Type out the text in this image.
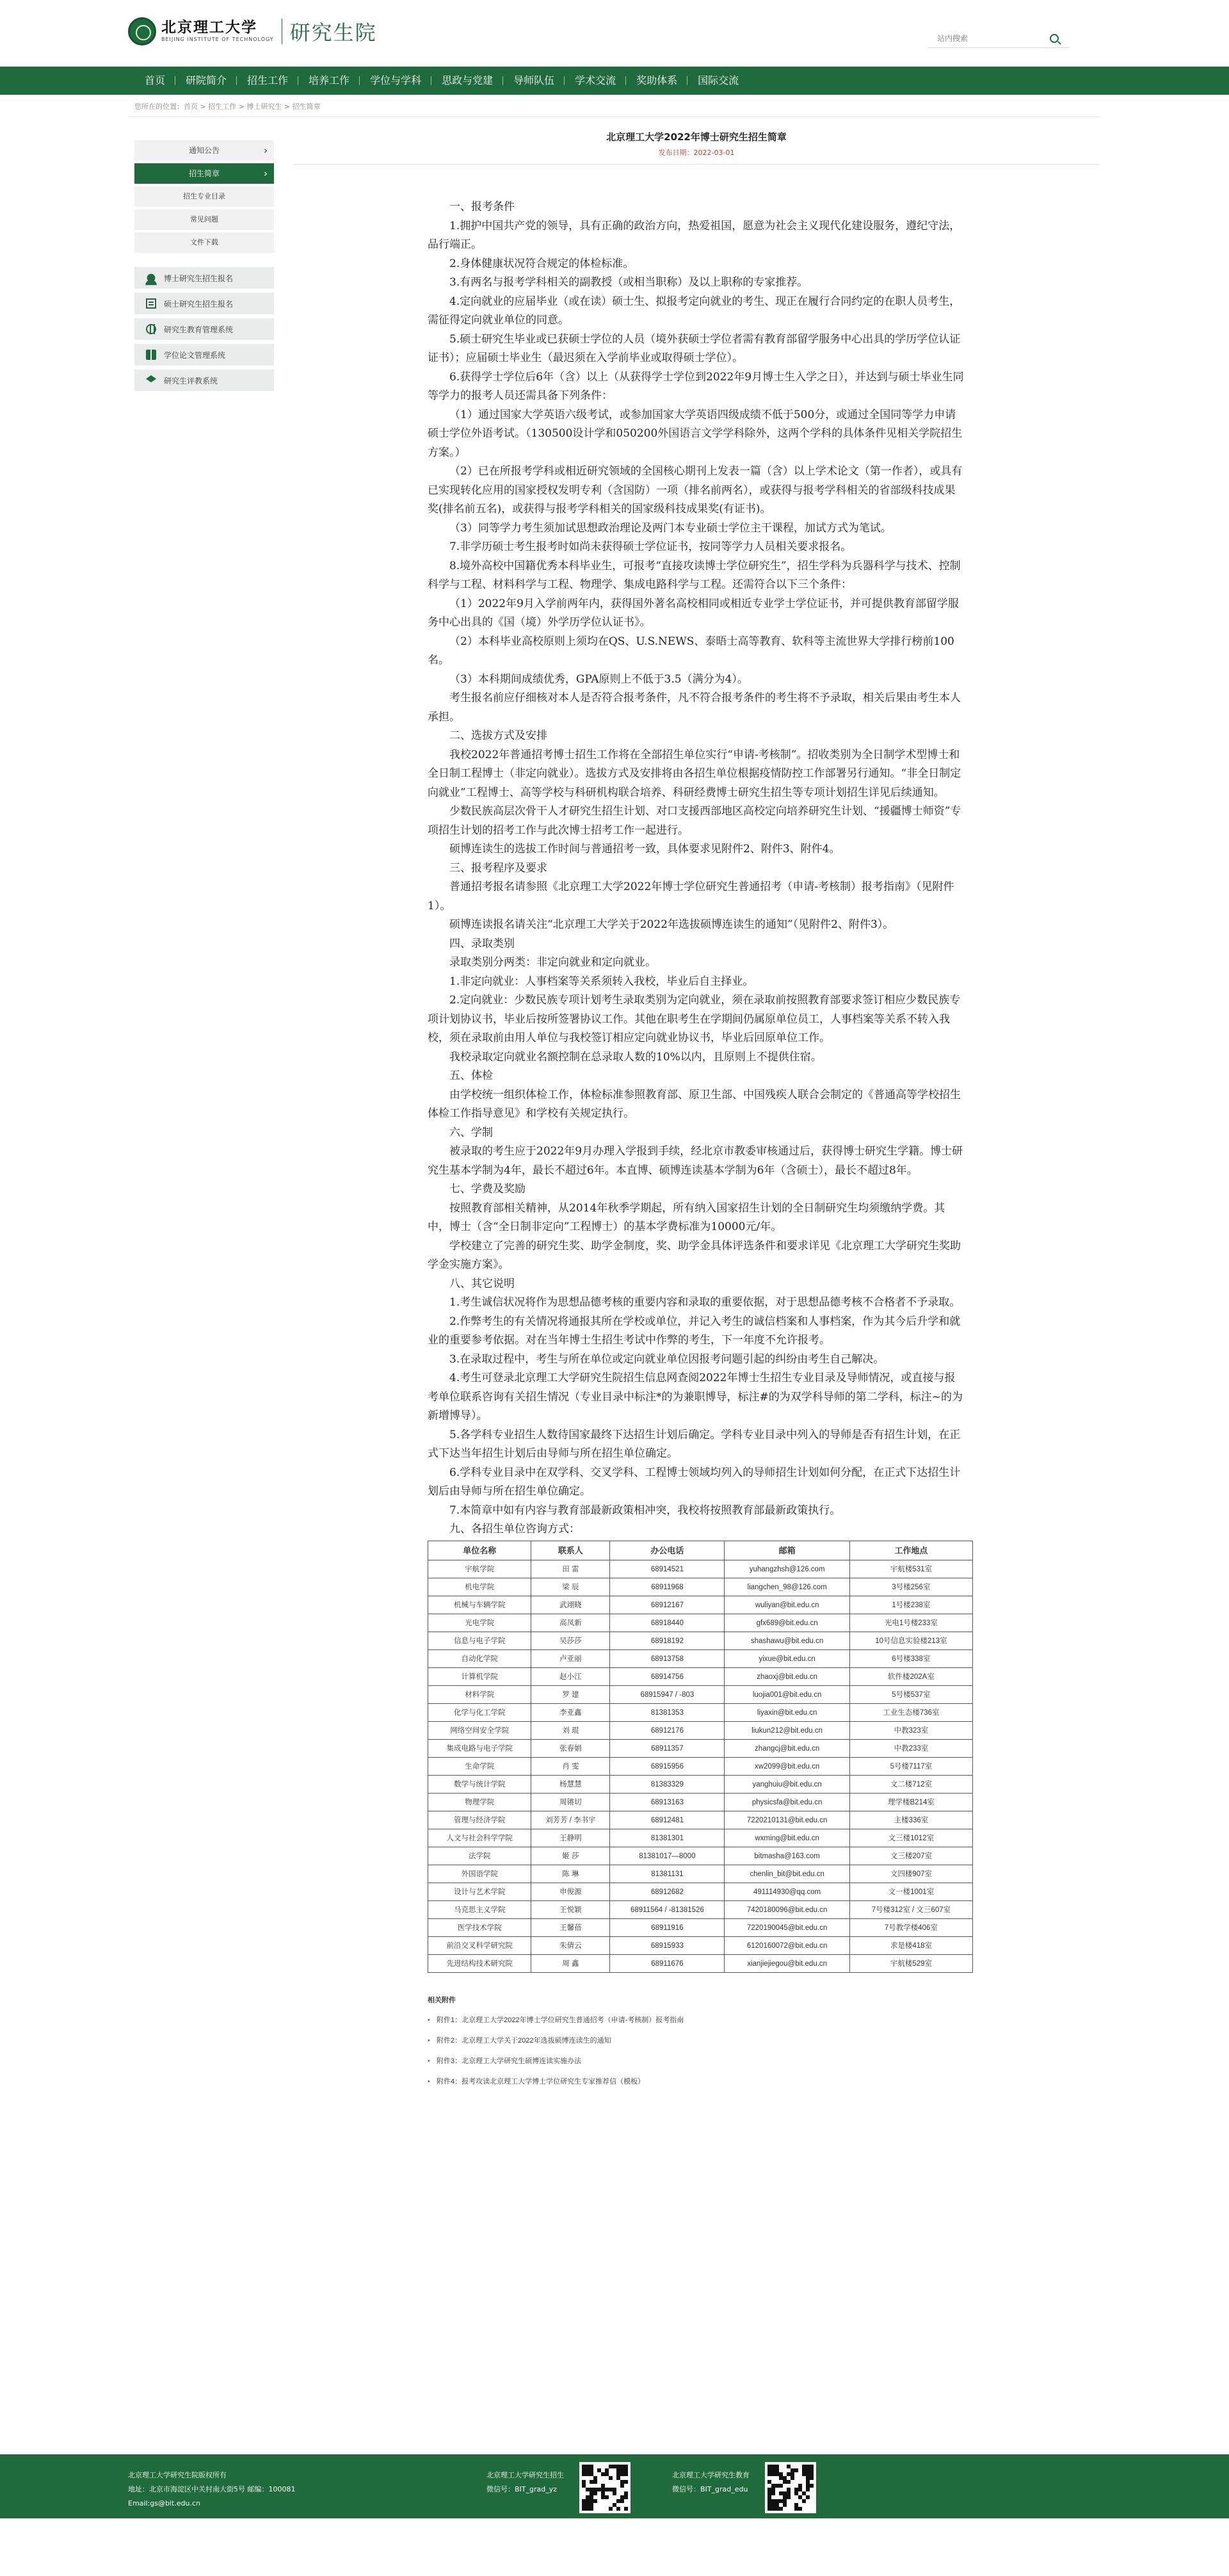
北京理工大学
BEIJING INSTITUTE OF TECHNOLOGY 研究生院
站内搜索
首页	研院简介	招生工作	培养工作	学位与学科	思政与党建	导师队伍	学术交流	奖助体系	国际交流
您所在的位置：首页 > 招生工作 > 博士研究生 > 招生简章
通知公告	›
招生简章	›
招生专业目录
常见问题
文件下载
博士研究生招生报名
硕士研究生招生报名
研究生教育管理系统
学位论文管理系统
研究生评教系统
北京理工大学2022年博士研究生招生简章
发布日期：2022-03-01

一、报考条件

1.拥护中国共产党的领导，具有正确的政治方向，热爱祖国，愿意为社会主义现代化建设服务，遵纪守法，品行端正。

2.身体健康状况符合规定的体检标准。

3.有两名与报考学科相关的副教授（或相当职称）及以上职称的专家推荐。

4.定向就业的应届毕业（或在读）硕士生、拟报考定向就业的考生、现正在履行合同约定的在职人员考生，需征得定向就业单位的同意。

5.硕士研究生毕业或已获硕士学位的人员（境外获硕士学位者需有教育部留学服务中心出具的学历学位认证证书）；应届硕士毕业生（最迟须在入学前毕业或取得硕士学位）。

6.获得学士学位后6年（含）以上（从获得学士学位到2022年9月博士生入学之日），并达到与硕士毕业生同等学力的报考人员还需具备下列条件：

（1）通过国家大学英语六级考试，或参加国家大学英语四级成绩不低于500分，或通过全国同等学力申请硕士学位外语考试。（130500设计学和050200外国语言文学学科除外，这两个学科的具体条件见相关学院招生方案。）

（2）已在所报考学科或相近研究领域的全国核心期刊上发表一篇（含）以上学术论文（第一作者），或具有已实现转化应用的国家授权发明专利（含国防）一项（排名前两名），或获得与报考学科相关的省部级科技成果奖(排名前五名)，或获得与报考学科相关的国家级科技成果奖(有证书)。

（3）同等学力考生须加试思想政治理论及两门本专业硕士学位主干课程，加试方式为笔试。

7.非学历硕士考生报考时如尚未获得硕士学位证书，按同等学力人员相关要求报名。

8.境外高校中国籍优秀本科毕业生，可报考“直接攻读博士学位研究生”，招生学科为兵器科学与技术、控制科学与工程、材料科学与工程、物理学、集成电路科学与工程。还需符合以下三个条件：

（1）2022年9月入学前两年内，获得国外著名高校相同或相近专业学士学位证书，并可提供教育部留学服务中心出具的《国（境）外学历学位认证书》。

（2）本科毕业高校原则上须均在QS、U.S.NEWS、泰晤士高等教育、软科等主流世界大学排行榜前100名。

（3）本科期间成绩优秀，GPA原则上不低于3.5（满分为4）。

考生报名前应仔细核对本人是否符合报考条件，凡不符合报考条件的考生将不予录取，相关后果由考生本人承担。

二、选拔方式及安排

我校2022年普通招考博士招生工作将在全部招生单位实行“申请-考核制”。招收类别为全日制学术型博士和全日制工程博士（非定向就业）。选拔方式及安排将由各招生单位根据疫情防控工作部署另行通知。“非全日制定向就业”工程博士、高等学校与科研机构联合培养、科研经费博士研究生招生等专项计划招生详见后续通知。

少数民族高层次骨干人才研究生招生计划、对口支援西部地区高校定向培养研究生计划、“援疆博士师资”专项招生计划的招考工作与此次博士招考工作一起进行。

硕博连读生的选拔工作时间与普通招考一致，具体要求见附件2、附件3、附件4。

三、报考程序及要求

普通招考报名请参照《北京理工大学2022年博士学位研究生普通招考（申请-考核制）报考指南》（见附件1）。

硕博连读报名请关注“北京理工大学关于2022年选拔硕博连读生的通知”（见附件2、附件3）。

四、录取类别

录取类别分两类：非定向就业和定向就业。

1.非定向就业：人事档案等关系须转入我校，毕业后自主择业。

2.定向就业：少数民族专项计划考生录取类别为定向就业，须在录取前按照教育部要求签订相应少数民族专项计划协议书，毕业后按所签署协议工作。其他在职考生在学期间仍属原单位员工，人事档案等关系不转入我校，须在录取前由用人单位与我校签订相应定向就业协议书，毕业后回原单位工作。

我校录取定向就业名额控制在总录取人数的10%以内，且原则上不提供住宿。

五、体检

由学校统一组织体检工作，体检标准参照教育部、原卫生部、中国残疾人联合会制定的《普通高等学校招生体检工作指导意见》和学校有关规定执行。

六、学制

被录取的考生应于2022年9月办理入学报到手续，经北京市教委审核通过后，获得博士研究生学籍。博士研究生基本学制为4年，最长不超过6年。本直博、硕博连读基本学制为6年（含硕士），最长不超过8年。

七、学费及奖励

按照教育部相关精神，从2014年秋季学期起，所有纳入国家招生计划的全日制研究生均须缴纳学费。其中，博士（含“全日制非定向”工程博士）的基本学费标准为10000元/年。

学校建立了完善的研究生奖、助学金制度，奖、助学金具体评选条件和要求详见《北京理工大学研究生奖助学金实施方案》。

八、其它说明

1.考生诚信状况将作为思想品德考核的重要内容和录取的重要依据，对于思想品德考核不合格者不予录取。

2.作弊考生的有关情况将通报其所在学校或单位，并记入考生的诚信档案和人事档案，作为其今后升学和就业的重要参考依据。对在当年博士生招生考试中作弊的考生，下一年度不允许报考。

3.在录取过程中，考生与所在单位或定向就业单位因报考问题引起的纠纷由考生自己解决。

4.考生可登录北京理工大学研究生院招生信息网查阅2022年博士生招生专业目录及导师情况，或直接与报考单位联系咨询有关招生情况（专业目录中标注*的为兼职博导，标注#的为双学科导师的第二学科，标注~的为新增博导）。

5.各学科专业招生人数待国家最终下达招生计划后确定。学科专业目录中列入的导师是否有招生计划，在正式下达当年招生计划后由导师与所在招生单位确定。

6.学科专业目录中在双学科、交叉学科、工程博士领域均列入的导师招生计划如何分配，在正式下达招生计划后由导师与所在招生单位确定。

7.本简章中如有内容与教育部最新政策相冲突，我校将按照教育部最新政策执行。

九、各招生单位咨询方式：

单位名称	联系人	办公电话	邮箱	工作地点
宇航学院	田 雷	68914521	yuhangzhsh@126.com	宇航楼531室
机电学院	梁 辰	68911968	liangchen_98@126.com	3号楼256室
机械与车辆学院	武翊晓	68912167	wuliyan@bit.edu.cn	1号楼238室
光电学院	高凤新	68918440	gfx689@bit.edu.cn	光电1号楼233室
信息与电子学院	吴莎莎	68918192	shashawu@bit.edu.cn	10号信息实验楼213室
自动化学院	卢亚丽	68913758	yixue@bit.edu.cn	6号楼338室
计算机学院	赵小江	68914756	zhaoxj@bit.edu.cn	软件楼202A室
材料学院	罗 建	68915947 / -803	luojia001@bit.edu.cn	5号楼537室
化学与化工学院	李亚鑫	81381353	liyaxin@bit.edu.cn	工业生态楼736室
网络空间安全学院	刘 琨	68912176	liukun212@bit.edu.cn	中教323室
集成电路与电子学院	张春娟	68911357	zhangcj@bit.edu.cn	中教233室
生命学院	肖 雯	68915956	xw2099@bit.edu.cn	5号楼7117室
数学与统计学院	杨慧慧	81383329	yanghuiu@bit.edu.cn	文二楼712室
物理学院	周锵切	68913163	physicsfa@bit.edu.cn	理学楼B214室
管理与经济学院	刘芳芳 / 李书宇	68912481	7220210131@bit.edu.cn	主楼336室
人文与社会科学学院	王静明	81381301	wxming@bit.edu.cn	文三楼1012室
法学院	姬 莎	81381017—8000	bitmasha@163.com	文三楼207室
外国语学院	陈 琳	81381131	chenlin_bit@bit.edu.cn	文四楼907室
设计与艺术学院	申俊源	68912682	491114930@qq.com	文一楼1001室
马克思主义学院	王悦颖	68911564 / -81381526	7420180096@bit.edu.cn	7号楼312室 / 文三607室
医学技术学院	王馨蓓	68911916	7220190045@bit.edu.cn	7号教学楼406室
前沿交叉科学研究院	朱倩云	68915933	6120160072@bit.edu.cn	求是楼418室
先进结构技术研究院	周 鑫	68911676	xianjiejiegou@bit.edu.cn	宇航楼529室
相关附件
• 附件1：北京理工大学2022年博士学位研究生普通招考（申请-考核制）报考指南
• 附件2：北京理工大学关于2022年选拔硕博连读生的通知
• 附件3：北京理工大学研究生硕博连读实施办法
• 附件4：报考攻读北京理工大学博士学位研究生专家推荐信（模板）
北京理工大学研究生院版权所有
地址：北京市海淀区中关村南大街5号 邮编：100081
Email:gs@bit.edu.cn
北京理工大学研究生招生
微信号：BIT_grad_yz
北京理工大学研究生教育
微信号：BIT_grad_edu
